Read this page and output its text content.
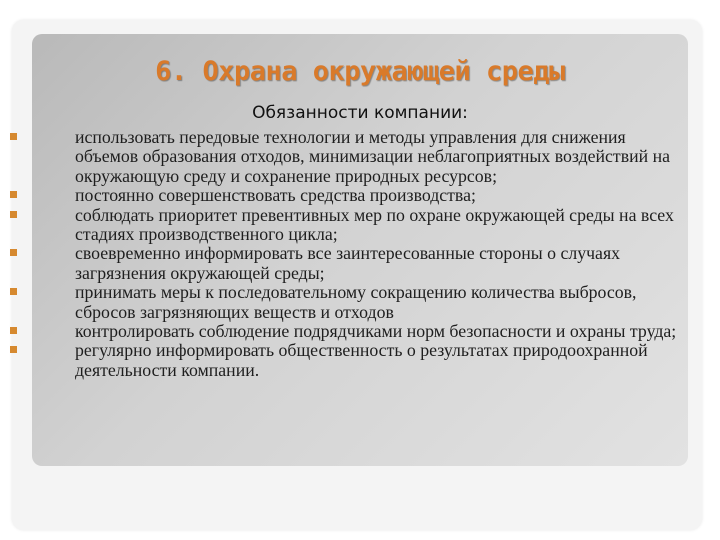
6. Охрана окружающей среды
Обязанности компании:
использовать передовые технологии и методы управления для снижения объемов образования отходов, минимизации неблагоприятных воздействий на окружающую среду и сохранение природных ресурсов;
постоянно совершенствовать средства производства;
соблюдать приоритет превентивных мер по охране окружающей среды на всех стадиях производственного цикла;
своевременно информировать все заинтересованные стороны о случаях загрязнения окружающей среды;
принимать меры к последовательному сокращению количества выбросов, сбросов загрязняющих веществ и отходов
контролировать соблюдение подрядчиками норм безопасности и охраны труда;
регулярно информировать общественность о результатах природоохранной деятельности компании.
